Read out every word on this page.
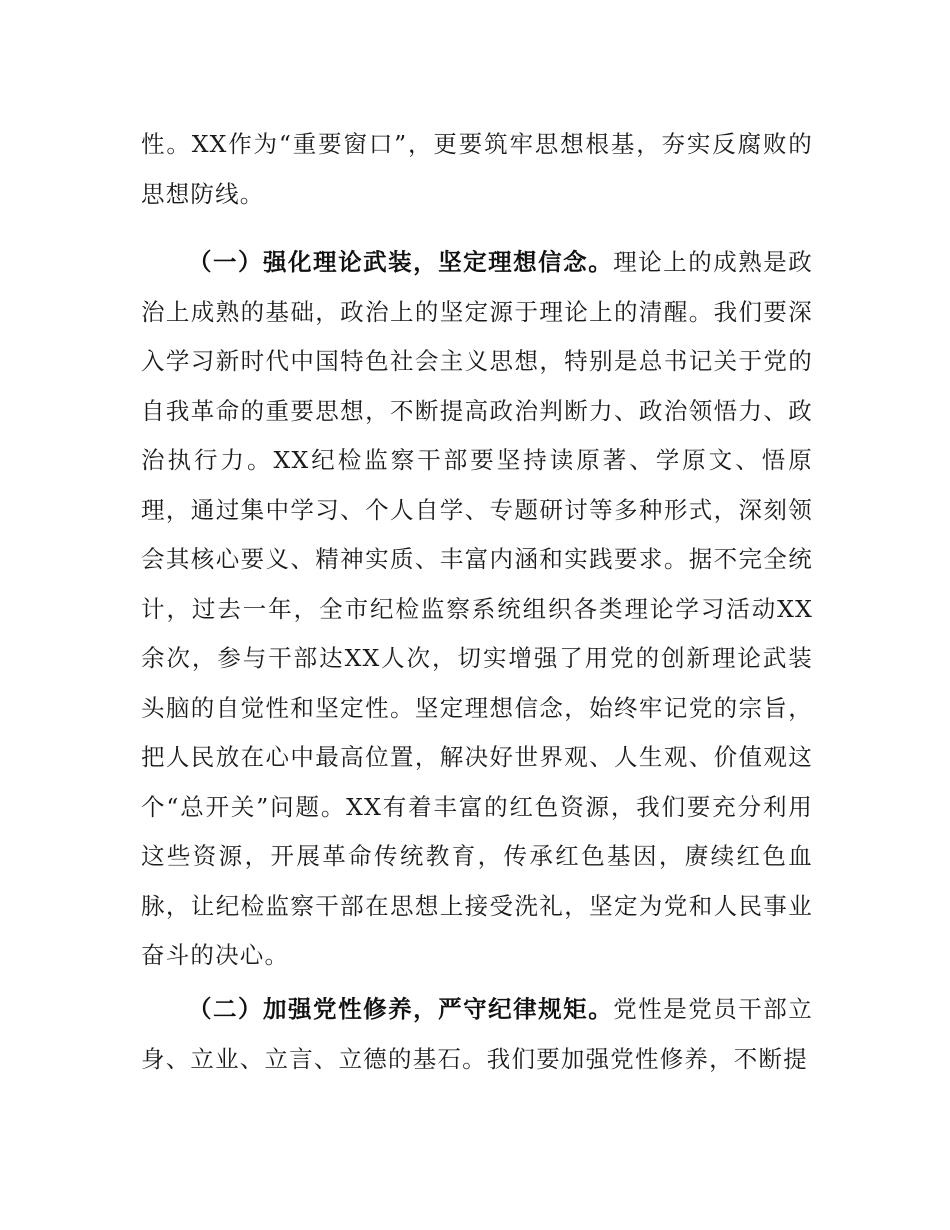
性。XX作为“重要窗口”，更要筑牢思想根基，夯实反腐败的思想防线。

（一）强化理论武装，坚定理想信念。理论上的成熟是政治上成熟的基础，政治上的坚定源于理论上的清醒。我们要深入学习新时代中国特色社会主义思想，特别是总书记关于党的自我革命的重要思想，不断提高政治判断力、政治领悟力、政治执行力。XX纪检监察干部要坚持读原著、学原文、悟原理，通过集中学习、个人自学、专题研讨等多种形式，深刻领会其核心要义、精神实质、丰富内涵和实践要求。据不完全统计，过去一年，全市纪检监察系统组织各类理论学习活动XX余次，参与干部达XX人次，切实增强了用党的创新理论武装头脑的自觉性和坚定性。坚定理想信念，始终牢记党的宗旨，把人民放在心中最高位置，解决好世界观、人生观、价值观这个“总开关”问题。XX有着丰富的红色资源，我们要充分利用这些资源，开展革命传统教育，传承红色基因，赓续红色血脉，让纪检监察干部在思想上接受洗礼，坚定为党和人民事业奋斗的决心。

（二）加强党性修养，严守纪律规矩。党性是党员干部立身、立业、立言、立德的基石。我们要加强党性修养，不断提
